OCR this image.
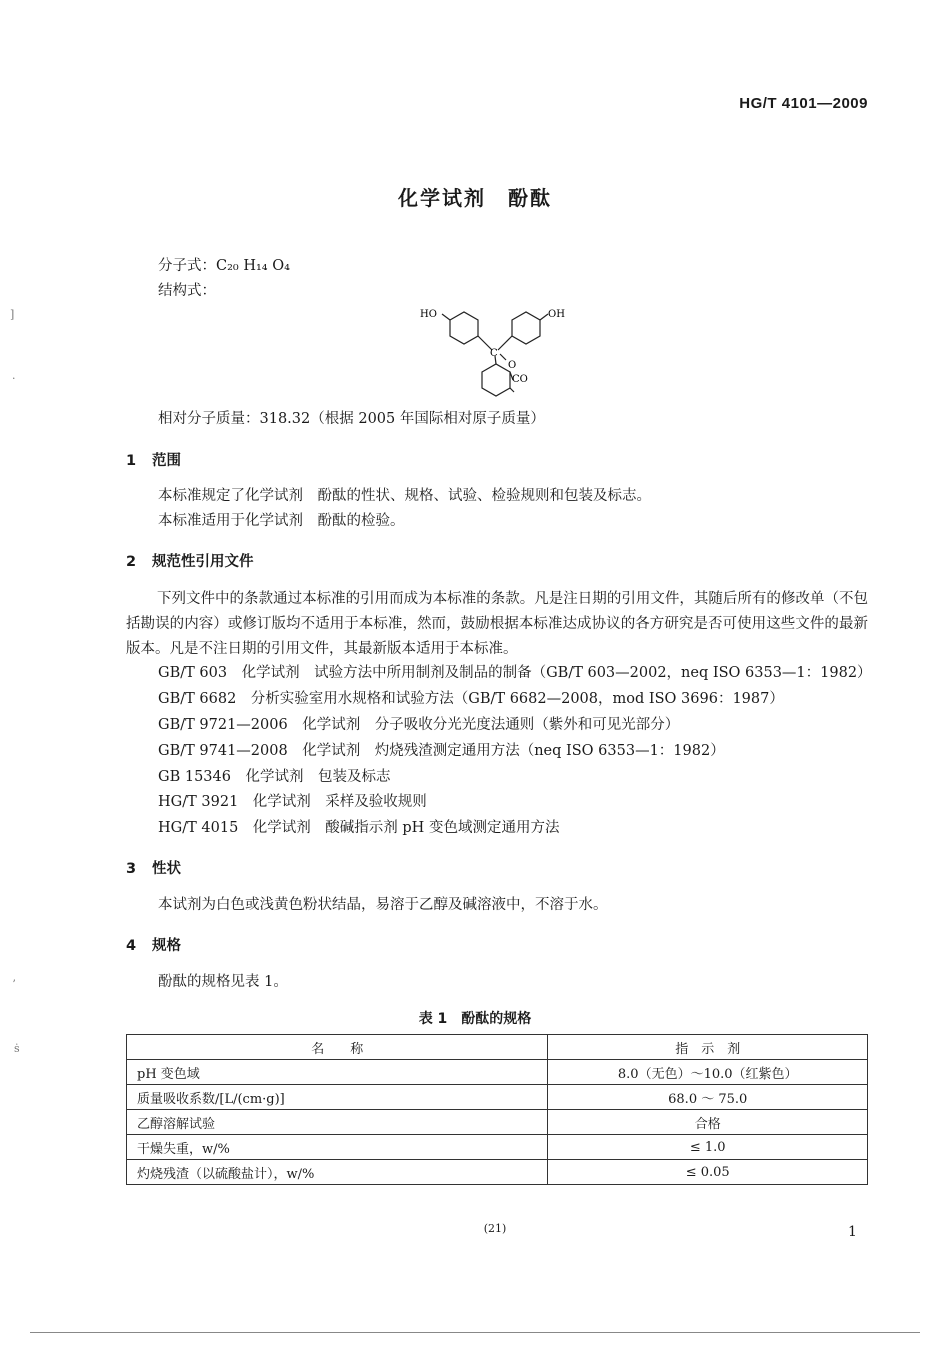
HG/T 4101—2009
化学试剂　酚酞
分子式：C₂₀ H₁₄ O₄
结构式：
HO	OH
C
O
CO
相对分子质量：318.32（根据 2005 年国际相对原子质量）
1 范围
本标准规定了化学试剂　酚酞的性状、规格、试验、检验规则和包装及标志。
本标准适用于化学试剂　酚酞的检验。
2 规范性引用文件
下列文件中的条款通过本标准的引用而成为本标准的条款。凡是注日期的引用文件，其随后所有的修改单（不包括勘误的内容）或修订版均不适用于本标准，然而，鼓励根据本标准达成协议的各方研究是否可使用这些文件的最新版本。凡是不注日期的引用文件，其最新版本适用于本标准。
GB/T 603　化学试剂　试验方法中所用制剂及制品的制备（GB/T 603—2002，neq ISO 6353—1：1982）
GB/T 6682　分析实验室用水规格和试验方法（GB/T 6682—2008，mod ISO 3696：1987）
GB/T 9721—2006　化学试剂　分子吸收分光光度法通则（紫外和可见光部分）
GB/T 9741—2008　化学试剂　灼烧残渣测定通用方法（neq ISO 6353—1：1982）
GB 15346　化学试剂　包装及标志
HG/T 3921　化学试剂　采样及验收规则
HG/T 4015　化学试剂　酸碱指示剂 pH 变色域测定通用方法
3 性状
本试剂为白色或浅黄色粉状结晶，易溶于乙醇及碱溶液中，不溶于水。
4 规格
酚酞的规格见表 1。
表 1　酚酞的规格
名　　称	指　示　剂
pH 变色域	8.0（无色）～10.0（红紫色）
质量吸收系数/[L/(cm·g)]	68.0 ～ 75.0
乙醇溶解试验	合格
干燥失重，w/%	≤ 1.0
灼烧残渣（以硫酸盐计），w/%	≤ 0.05
(21)	1
]
·
ʼ
ṡ
